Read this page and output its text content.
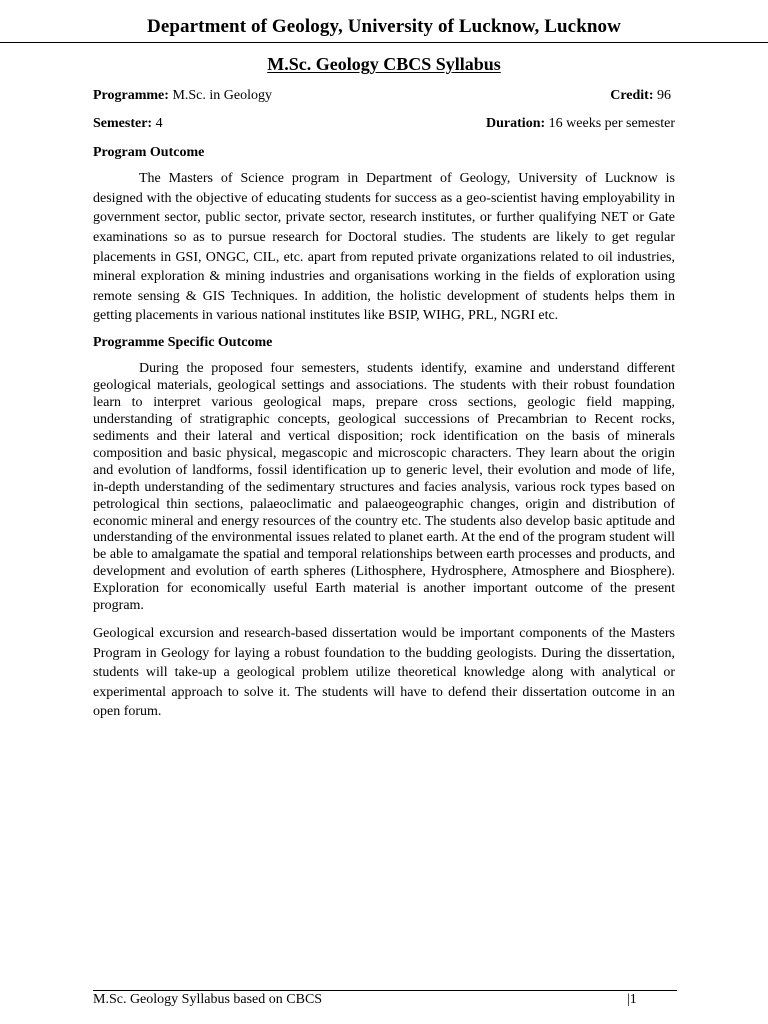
Department of Geology, University of Lucknow, Lucknow
M.Sc. Geology CBCS Syllabus
Programme: M.Sc. in Geology	Credit: 96
Semester: 4	Duration: 16 weeks per semester
Program Outcome

The Masters of Science program in Department of Geology, University of Lucknow is designed with the objective of educating students for success as a geo-scientist having employability in government sector, public sector, private sector, research institutes, or further qualifying NET or Gate examinations so as to pursue research for Doctoral studies. The students are likely to get regular placements in GSI, ONGC, CIL, etc. apart from reputed private organizations related to oil industries, mineral exploration & mining industries and organisations working in the fields of exploration using remote sensing & GIS Techniques. In addition, the holistic development of students helps them in getting placements in various national institutes like BSIP, WIHG, PRL, NGRI etc.

Programme Specific Outcome

During the proposed four semesters, students identify, examine and understand different geological materials, geological settings and associations. The students with their robust foundation learn to interpret various geological maps, prepare cross sections, geologic field mapping, understanding of stratigraphic concepts, geological successions of Precambrian to Recent rocks, sediments and their lateral and vertical disposition; rock identification on the basis of minerals composition and basic physical, megascopic and microscopic characters. They learn about the origin and evolution of landforms, fossil identification up to generic level, their evolution and mode of life, in-depth understanding of the sedimentary structures and facies analysis, various rock types based on petrological thin sections, palaeoclimatic and palaeogeographic changes, origin and distribution of economic mineral and energy resources of the country etc. The students also develop basic aptitude and understanding of the environmental issues related to planet earth. At the end of the program student will be able to amalgamate the spatial and temporal relationships between earth processes and products, and development and evolution of earth spheres (Lithosphere, Hydrosphere, Atmosphere and Biosphere). Exploration for economically useful Earth material is another important outcome of the present program.

Geological excursion and research-based dissertation would be important components of the Masters Program in Geology for laying a robust foundation to the budding geologists. During the dissertation, students will take-up a geological problem utilize theoretical knowledge along with analytical or experimental approach to solve it. The students will have to defend their dissertation outcome in an open forum.

M.Sc. Geology Syllabus based on CBCS	|1
